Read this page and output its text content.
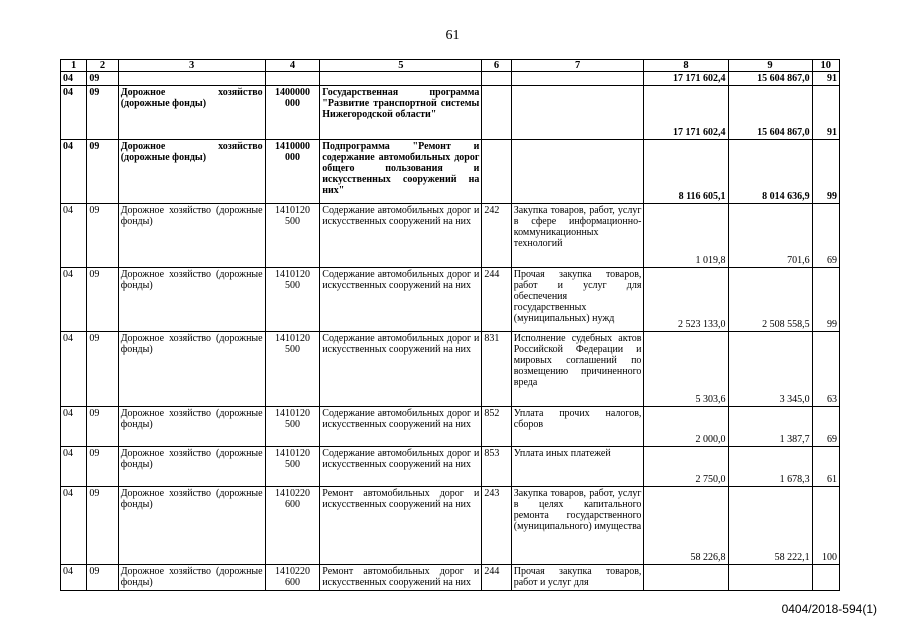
61
1	2	3	4	5	6	7	8	9	10
04	09						17 171 602,4	15 604 867,0	91
04	09	Дорожное хозяйство (дорожные фонды)	1400000 000	Государственная программа "Развитие транспортной системы Нижегородской области"			17 171 602,4	15 604 867,0	91
04	09	Дорожное хозяйство (дорожные фонды)	1410000 000	Подпрограмма "Ремонт и содержание автомобильных дорог общего пользования и искусственных сооружений на них"			8 116 605,1	8 014 636,9	99
04	09	Дорожное хозяйство (дорожные фонды)	1410120 500	Содержание автомобильных дорог и искусственных сооружений на них	242	Закупка товаров, работ, услуг в сфере информационно-коммуникационных технологий	1 019,8	701,6	69
04	09	Дорожное хозяйство (дорожные фонды)	1410120 500	Содержание автомобильных дорог и искусственных сооружений на них	244	Прочая закупка товаров, работ и услуг для обеспечения государственных (муниципальных) нужд	2 523 133,0	2 508 558,5	99
04	09	Дорожное хозяйство (дорожные фонды)	1410120 500	Содержание автомобильных дорог и искусственных сооружений на них	831	Исполнение судебных актов Российской Федерации и мировых соглашений по возмещению причиненного вреда	5 303,6	3 345,0	63
04	09	Дорожное хозяйство (дорожные фонды)	1410120 500	Содержание автомобильных дорог и искусственных сооружений на них	852	Уплата прочих налогов, сборов	2 000,0	1 387,7	69
04	09	Дорожное хозяйство (дорожные фонды)	1410120 500	Содержание автомобильных дорог и искусственных сооружений на них	853	Уплата иных платежей	2 750,0	1 678,3	61
04	09	Дорожное хозяйство (дорожные фонды)	1410220 600	Ремонт автомобильных дорог и искусственных сооружений на них	243	Закупка товаров, работ, услуг в целях капитального ремонта государственного (муниципального) имущества	58 226,8	58 222,1	100
04	09	Дорожное хозяйство (дорожные фонды)	1410220 600	Ремонт автомобильных дорог и искусственных сооружений на них	244	Прочая закупка товаров, работ и услуг для			
0404/2018-594(1)
